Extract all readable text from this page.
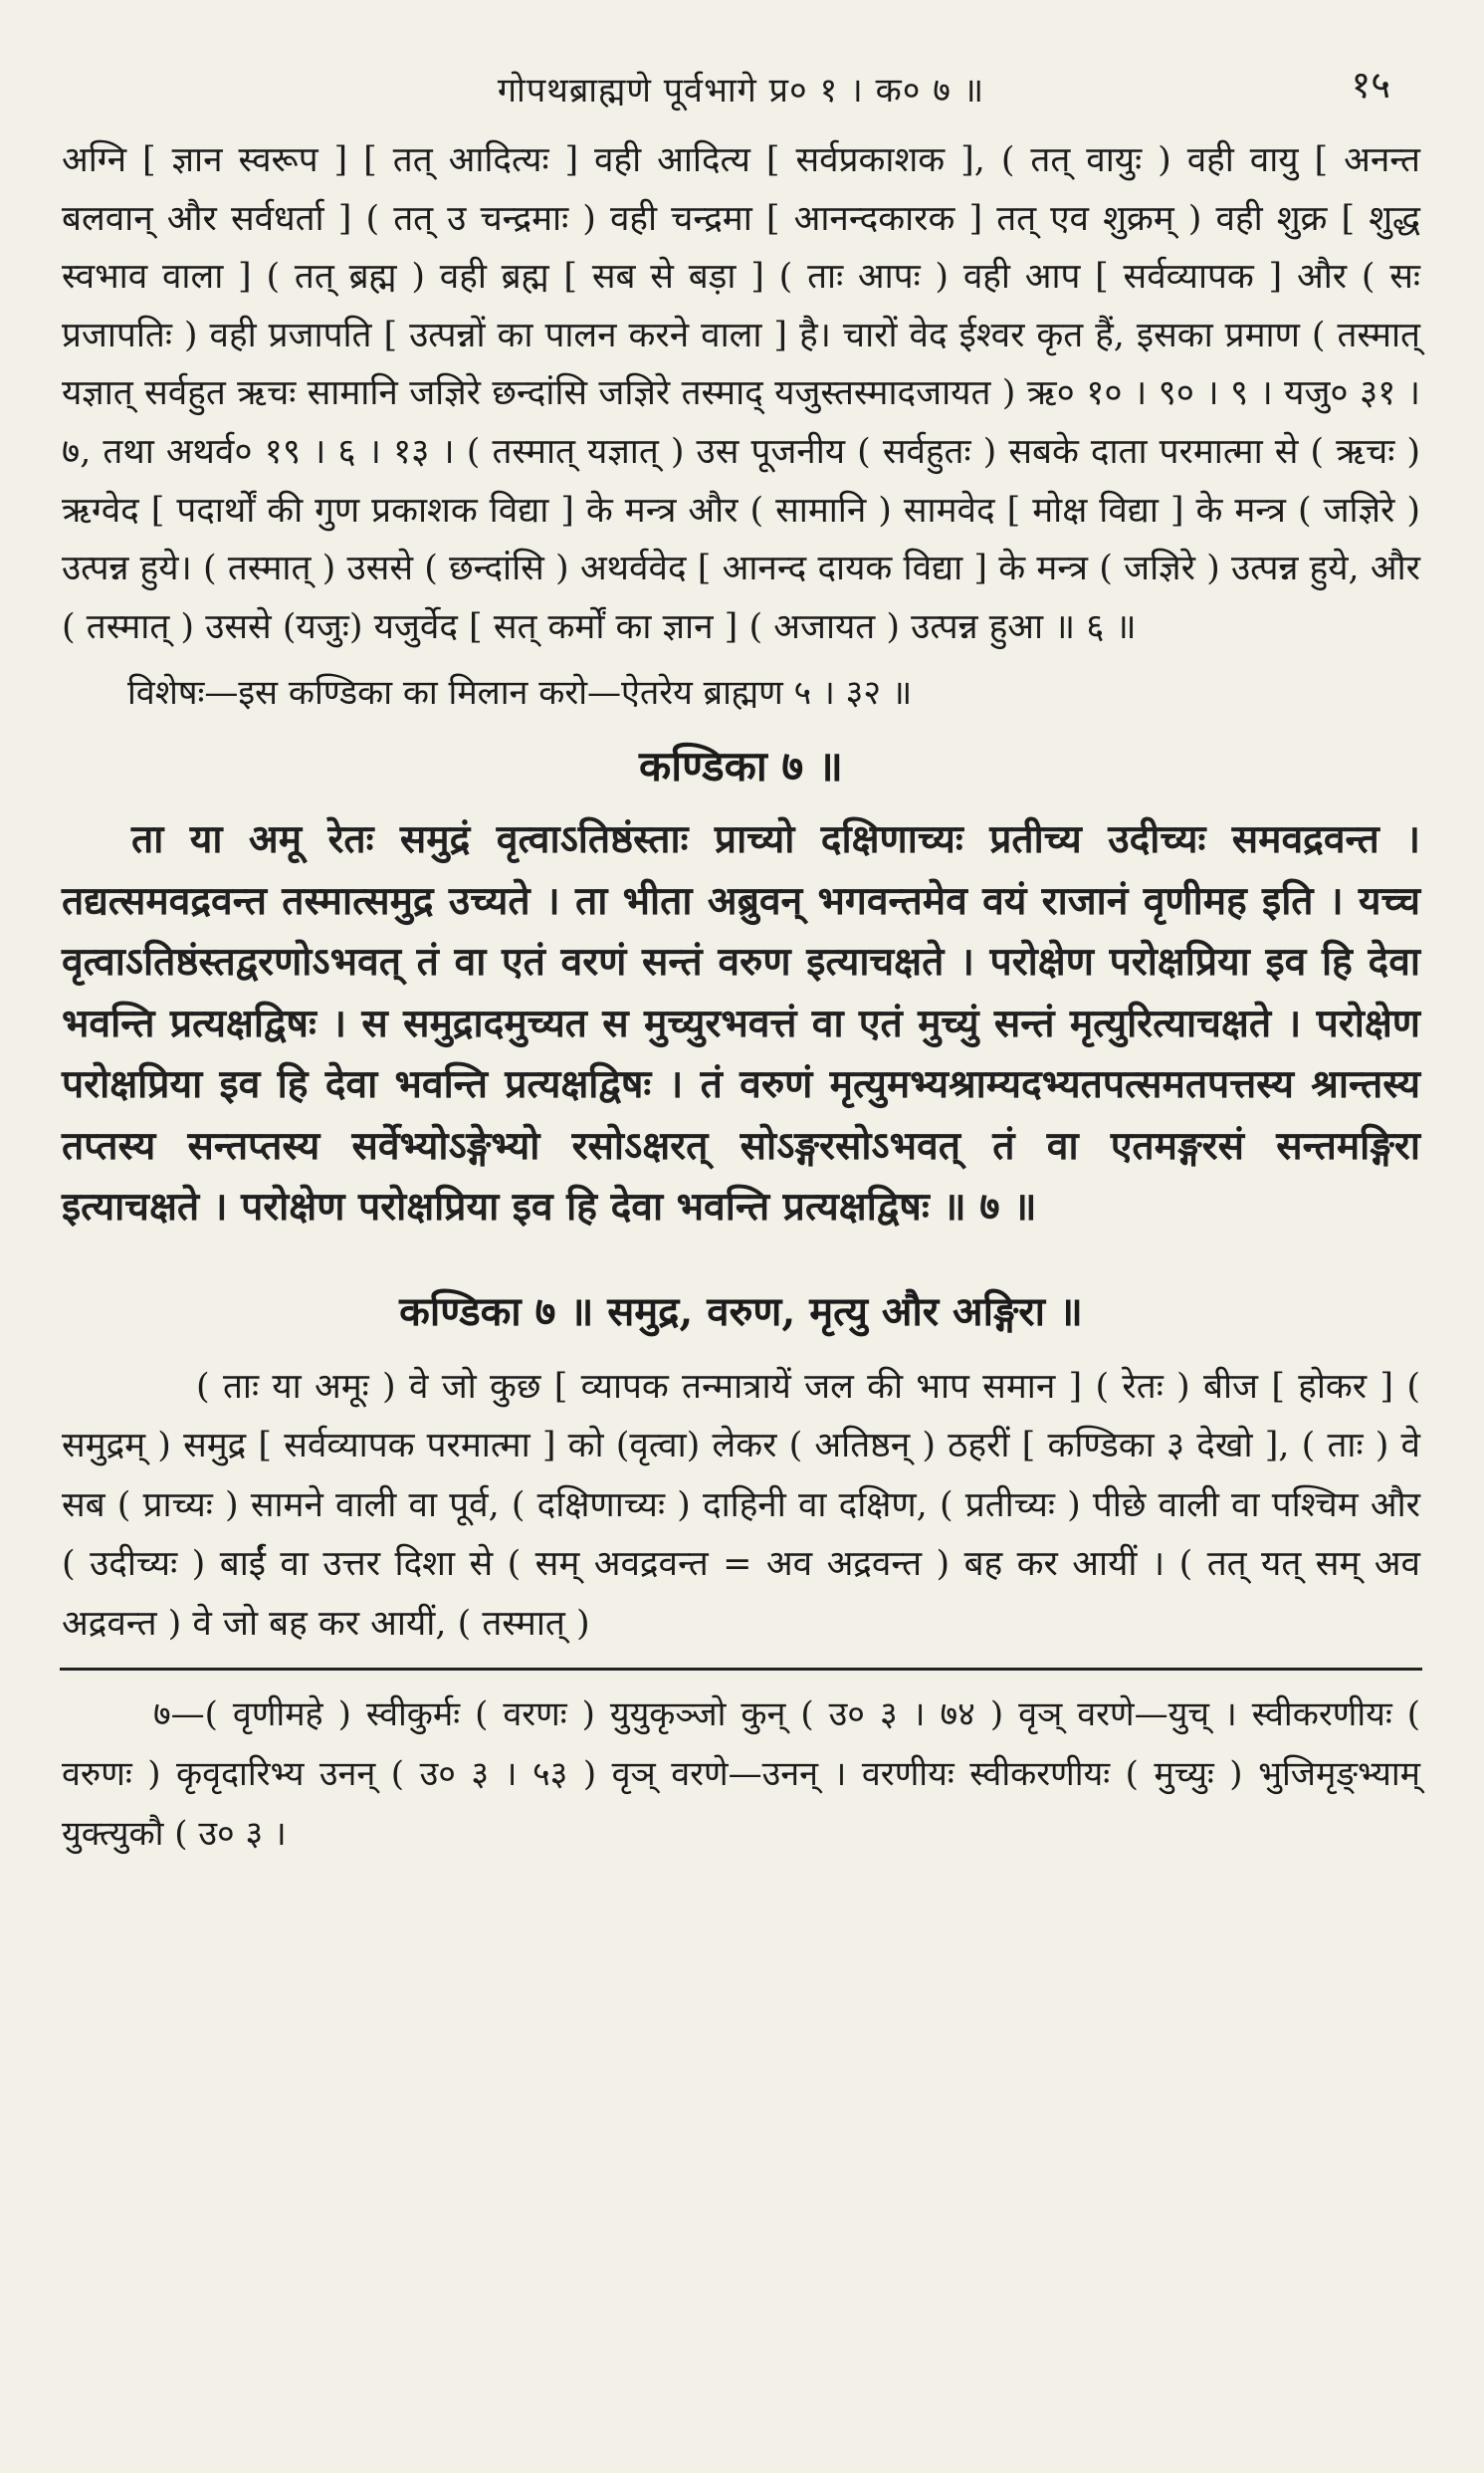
गोपथब्राह्मणे पूर्वभागे प्र० १ । क० ७ ॥	१५

अग्नि [ ज्ञान स्वरूप ] [ तत् आदित्यः ] वही आदित्य [ सर्वप्रकाशक ], ( तत् वायुः ) वही वायु [ अनन्त बलवान् और सर्वधर्ता ] ( तत् उ चन्द्रमाः ) वही चन्द्रमा [ आनन्दकारक ] तत् एव शुक्रम् ) वही शुक्र [ शुद्ध स्वभाव वाला ] ( तत् ब्रह्म ) वही ब्रह्म [ सब से बड़ा ] ( ताः आपः ) वही आप [ सर्वव्यापक ] और ( सः प्रजापतिः ) वही प्रजापति [ उत्पन्नों का पालन करने वाला ] है। चारों वेद ईश्वर कृत हैं, इसका प्रमाण ( तस्मात् यज्ञात् सर्वहुत ऋचः सामानि जज्ञिरे छन्दांसि जज्ञिरे तस्माद् यजुस्तस्मादजायत ) ऋ० १० । ९० । ९ । यजु० ३१ । ७, तथा अथर्व० १९ । ६ । १३ । ( तस्मात् यज्ञात् ) उस पूजनीय ( सर्वहुतः ) सबके दाता परमात्मा से ( ऋचः ) ऋग्वेद [ पदार्थों की गुण प्रकाशक विद्या ] के मन्त्र और ( सामानि ) सामवेद [ मोक्ष विद्या ] के मन्त्र ( जज्ञिरे ) उत्पन्न हुये। ( तस्मात् ) उससे ( छन्दांसि ) अथर्ववेद [ आनन्द दायक विद्या ] के मन्त्र ( जज्ञिरे ) उत्पन्न हुये, और ( तस्मात् ) उससे (यजुः) यजुर्वेद [ सत् कर्मों का ज्ञान ] ( अजायत ) उत्पन्न हुआ ॥ ६ ॥

विशेषः—इस कण्डिका का मिलान करो—ऐतरेय ब्राह्मण ५ । ३२ ॥

कण्डिका ७ ॥

ता या अमू रेतः समुद्रं वृत्वाऽतिष्ठंस्ताः प्राच्यो दक्षिणाच्यः प्रतीच्य उदीच्यः समवद्रवन्त । तद्यत्समवद्रवन्त तस्मात्समुद्र उच्यते । ता भीता अब्रुवन् भगवन्तमेव वयं राजानं वृणीमह इति । यच्च वृत्वाऽतिष्ठंस्तद्वरणोऽभवत् तं वा एतं वरणं सन्तं वरुण इत्याचक्षते । परोक्षेण परोक्षप्रिया इव हि देवा भवन्ति प्रत्यक्षद्विषः । स समुद्रादमुच्यत स मुच्युरभवत्तं वा एतं मुच्युं सन्तं मृत्युरित्याचक्षते । परोक्षेण परोक्षप्रिया इव हि देवा भवन्ति प्रत्यक्षद्विषः । तं वरुणं मृत्युमभ्यश्राम्यदभ्यतपत्समतपत्तस्य श्रान्तस्य तप्तस्य सन्तप्तस्य सर्वेभ्योऽङ्गेभ्यो रसोऽक्षरत् सोऽङ्गरसोऽभवत् तं वा एतमङ्गरसं सन्तमङ्गिरा इत्याचक्षते । परोक्षेण परोक्षप्रिया इव हि देवा भवन्ति प्रत्यक्षद्विषः ॥ ७ ॥

कण्डिका ७ ॥ समुद्र, वरुण, मृत्यु और अङ्गिरा ॥

( ताः या अमूः ) वे जो कुछ [ व्यापक तन्मात्रायें जल की भाप समान ] ( रेतः ) बीज [ होकर ] ( समुद्रम् ) समुद्र [ सर्वव्यापक परमात्मा ] को (वृत्वा) लेकर ( अतिष्ठन् ) ठहरीं [ कण्डिका ३ देखो ], ( ताः ) वे सब ( प्राच्यः ) सामने वाली वा पूर्व, ( दक्षिणाच्यः ) दाहिनी वा दक्षिण, ( प्रतीच्यः ) पीछे वाली वा पश्चिम और ( उदीच्यः ) बाईं वा उत्तर दिशा से ( सम् अवद्रवन्त = अव अद्रवन्त ) बह कर आयीं । ( तत् यत् सम् अव अद्रवन्त ) वे जो बह कर आयीं, ( तस्मात् )

७—( वृणीमहे ) स्वीकुर्मः ( वरणः ) युयुकृञ्जो कुन् ( उ० ३ । ७४ ) वृञ् वरणे—युच् । स्वीकरणीयः ( वरुणः ) कृवृदारिभ्य उनन् ( उ० ३ । ५३ ) वृञ् वरणे—उनन् । वरणीयः स्वीकरणीयः ( मुच्युः ) भुजिमृङ्भ्याम् युक्त्युकौ ( उ० ३ ।
